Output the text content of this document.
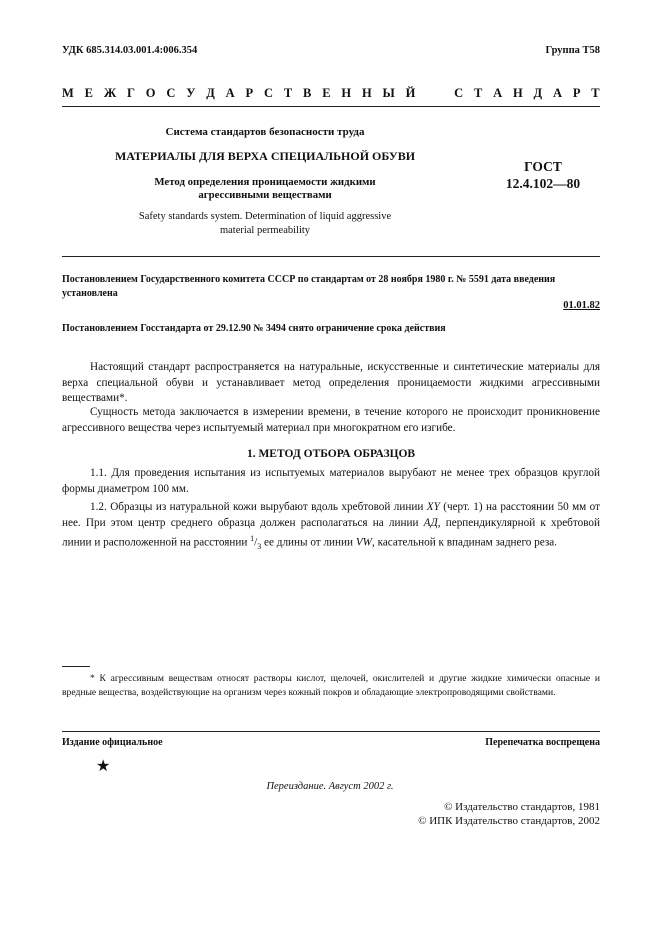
УДК 685.314.03.001.4:006.354	Группа Т58
М Е Ж Г О С У Д А Р С Т В Е Н Н Ы Й

	С Т А Н Д А Р Т
Система стандартов безопасности труда
МАТЕРИАЛЫ ДЛЯ ВЕРХА СПЕЦИАЛЬНОЙ ОБУВИ
Метод определения проницаемости жидкими
агрессивными веществами
Safety standards system. Determination of liquid aggressive
material permeability
ГОСТ
12.4.102—80
Постановлением Государственного комитета СССР по стандартам от 28 ноября 1980 г. № 5591 дата введения установлена
01.01.82
Постановлением Госстандарта от 29.12.90 № 3494 снято ограничение срока действия

Настоящий стандарт распространяется на натуральные, искусственные и синтетические материалы для верха специальной обуви и устанавливает метод определения проницаемости жидкими агрессивными веществами*.

Сущность метода заключается в измерении времени, в течение которого не происходит проникновение агрессивного вещества через испытуемый материал при многократном его изгибе.

1. МЕТОД ОТБОРА ОБРАЗЦОВ

1.1. Для проведения испытания из испытуемых материалов вырубают не менее трех образцов круглой формы диаметром 100 мм.

1.2. Образцы из натуральной кожи вырубают вдоль хребтовой линии XY (черт. 1) на расстоянии 50 мм от нее. При этом центр среднего образца должен располагаться на линии АД, перпендикулярной к хребтовой линии и расположенной на расстоянии $^1/_3$ ее длины от линии VW, касательной к впадинам заднего реза.

* К агрессивным веществам относят растворы кислот, щелочей, окислителей и другие жидкие химически опасные и вредные вещества, воздействующие на организм через кожный покров и обладающие электропроводящими свойствами.

Издание официальное	Перепечатка воспрещена
★
Переиздание. Август 2002 г.
© Издательство стандартов, 1981
© ИПК Издательство стандартов, 2002
